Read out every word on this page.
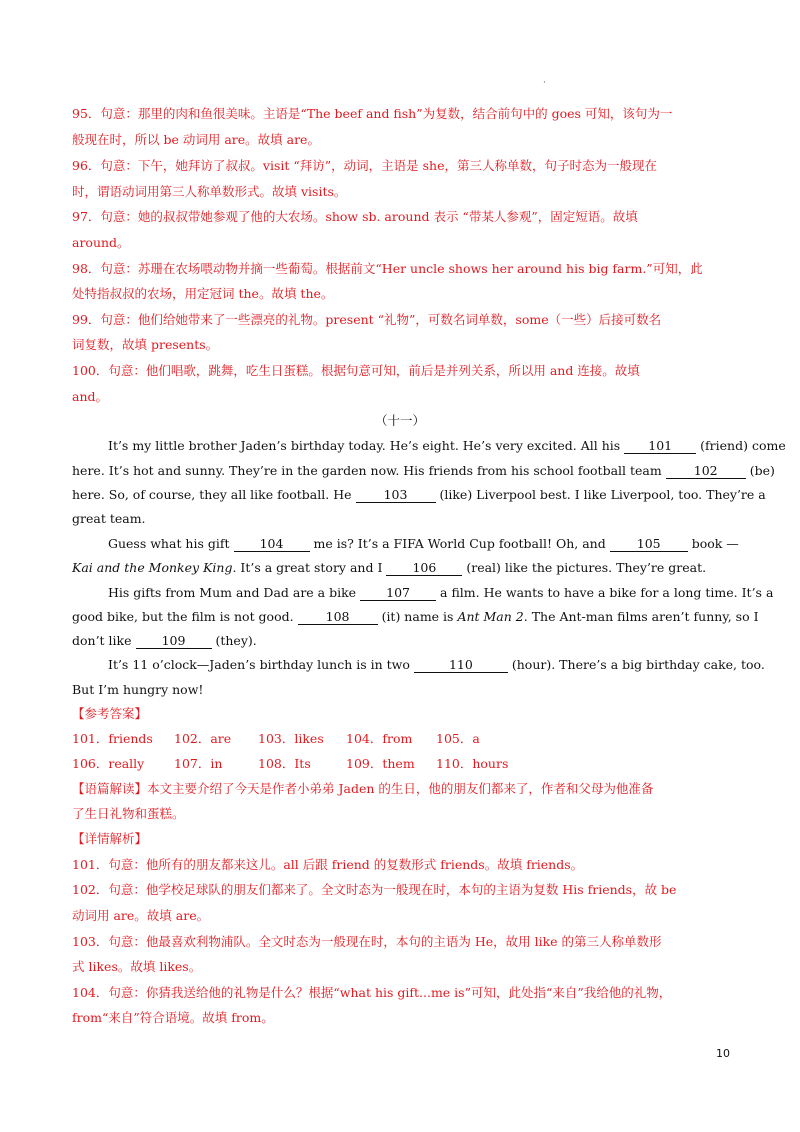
·
95．句意：那里的肉和鱼很美味。主语是“The beef and fish”为复数，结合前句中的 goes 可知，该句为一
般现在时，所以 be 动词用 are。故填 are。
96．句意：下午，她拜访了叔叔。visit “拜访”，动词，主语是 she，第三人称单数，句子时态为一般现在
时，谓语动词用第三人称单数形式。故填 visits。
97．句意：她的叔叔带她参观了他的大农场。show sb. around 表示 “带某人参观”，固定短语。故填
around。
98．句意：苏珊在农场喂动物并摘一些葡萄。根据前文“Her uncle shows her around his big farm.”可知，此
处特指叔叔的农场，用定冠词 the。故填 the。
99．句意：他们给她带来了一些漂亮的礼物。present “礼物”，可数名词单数，some（一些）后接可数名
词复数，故填 presents。
100．句意：他们唱歌，跳舞，吃生日蛋糕。根据句意可知，前后是并列关系，所以用 and 连接。故填
and。
（十一）
It’s my little brother Jaden’s birthday today. He’s eight. He’s very excited. All his 101 (friend) come
here. It’s hot and sunny. They’re in the garden now. His friends from his school football team	102	(be)
here. So, of course, they all like football. He	103	(like) Liverpool best. I like Liverpool, too. They’re a
great team.
Guess what his gift 104 me is? It’s a FIFA World Cup football! Oh, and 105 book —
Kai and the Monkey King. It’s a great story and I 106 (real) like the pictures. They’re great.
His gifts from Mum and Dad are a bike 107 a film. He wants to have a bike for a long time. It’s a
good bike, but the film is not good.	108	(it) name is Ant Man 2. The Ant-man films aren’t funny, so I
don’t like 109 (they).
It’s 11 o’clock—Jaden’s birthday lunch is in two	110	(hour). There’s a big birthday cake, too.
But I’m hungry now!
【参考答案】
101．friends 102．are 103．likes 104．from 105．a
106．really 107．in	108．Its	109．them 110．hours
【语篇解读】本文主要介绍了今天是作者小弟弟 Jaden 的生日，他的朋友们都来了，作者和父母为他准备
了生日礼物和蛋糕。
【详情解析】
101．句意：他所有的朋友都来这儿。all 后跟 friend 的复数形式 friends。故填 friends。
102．句意：他学校足球队的朋友们都来了。全文时态为一般现在时，本句的主语为复数 His friends，故 be
动词用 are。故填 are。
103．句意：他最喜欢利物浦队。全文时态为一般现在时，本句的主语为 He，故用 like 的第三人称单数形
式 likes。故填 likes。
104．句意：你猜我送给他的礼物是什么？根据“what his gift...me is”可知，此处指“来自”我给他的礼物，
from“来自”符合语境。故填 from。
10
